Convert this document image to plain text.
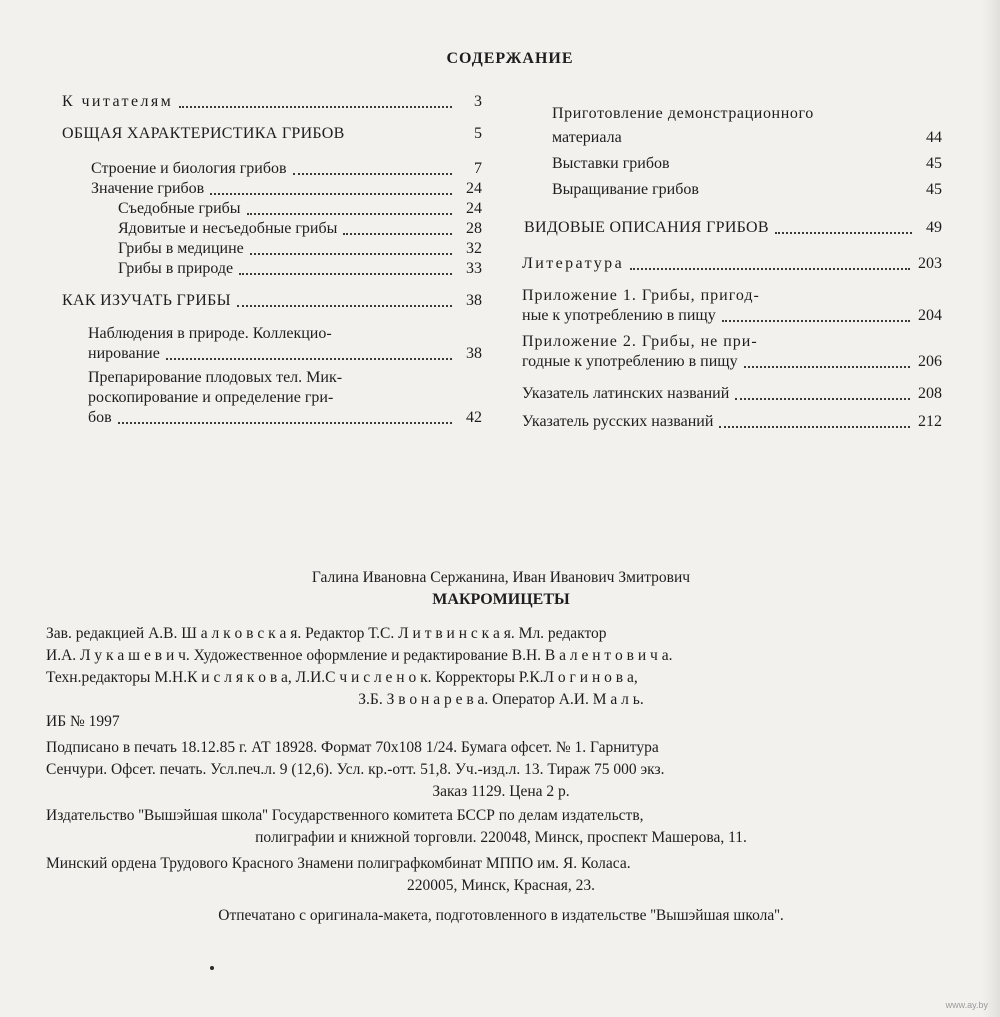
СОДЕРЖАНИЕ
К читателям	3
ОБЩАЯ ХАРАКТЕРИСТИКА ГРИБОВ	5
Строение и биология грибов	7
Значение грибов	24
Съедобные грибы	24
Ядовитые и несъедобные грибы	28
Грибы в медицине	32
Грибы в природе	33
КАК ИЗУЧАТЬ ГРИБЫ	38
Наблюдения в природе. Коллекцио-
нирование	38
Препарирование плодовых тел. Мик-
роскопирование и определение гри-
бов	42
Приготовление демонстрационного
материала	44
Выставки грибов	45
Выращивание грибов	45
ВИДОВЫЕ ОПИСАНИЯ ГРИБОВ	49
Литература	203
Приложение 1. Грибы, пригод-
ные к употреблению в пищу	204
Приложение 2. Грибы, не при-
годные к употреблению в пищу	206
Указатель латинских названий	208
Указатель русских названий	212
Галина Ивановна Сержанина, Иван Иванович Змитрович
МАКРОМИЦЕТЫ
Зав. редакцией А.В. Ш а л к о в с к а я. Редактор Т.С. Л и т в и н с к а я. Мл. редактор
И.А. Л у к а ш е в и ч. Художественное оформление и редактирование В.Н. В а л е н т о в и ч а.
Техн.редакторы М.Н.К и с л я к о в а, Л.И.С ч и с л е н о к. Корректоры Р.К.Л о г и н о в а,
З.Б. З в о н а р е в а. Оператор А.И. М а л ь.
ИБ № 1997
Подписано в печать 18.12.85 г. АТ 18928. Формат 70х108 1/24. Бумага офсет. № 1. Гарнитура
Сенчури. Офсет. печать. Усл.печ.л. 9 (12,6). Усл. кр.-отт. 51,8. Уч.-изд.л. 13. Тираж 75 000 экз.
Заказ 1129. Цена 2 р.
Издательство ''Вышэйшая школа'' Государственного комитета БССР по делам издательств,
полиграфии и книжной торговли. 220048, Минск, проспект Машерова, 11.
Минский ордена Трудового Красного Знамени полиграфкомбинат МППО им. Я. Коласа.
220005, Минск, Красная, 23.
Отпечатано с оригинала-макета, подготовленного в издательстве ''Вышэйшая школа''.
www.ay.by
